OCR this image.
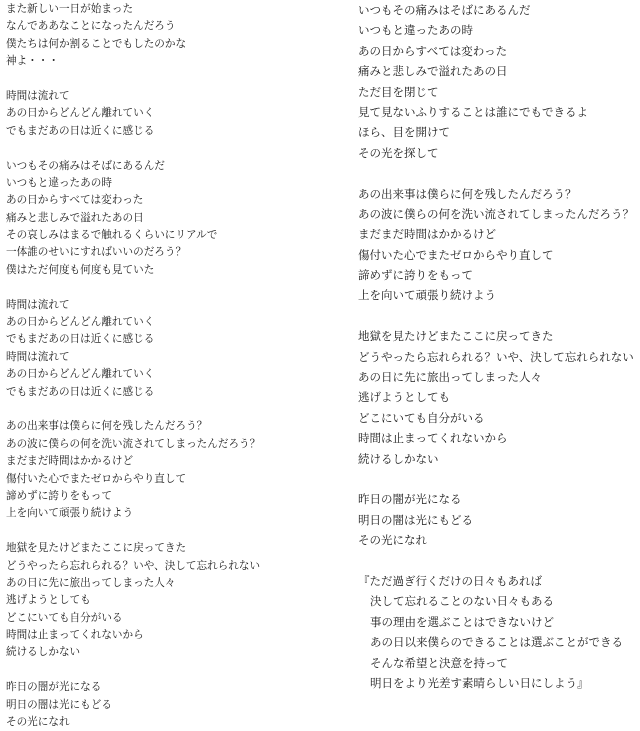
また新しい一日が始まった
なんでああなことになったんだろう
僕たちは何か割ることでもしたのかな
神よ・・・
時間は流れて
あの日からどんどん離れていく
でもまだあの日は近くに感じる
いつもその痛みはそばにあるんだ
いつもと違ったあの時
あの日からすべては変わった
痛みと悲しみで溢れたあの日
その哀しみはまるで触れるくらいにリアルで
一体誰のせいにすればいいのだろう？
僕はただ何度も何度も見ていた
時間は流れて
あの日からどんどん離れていく
でもまだあの日は近くに感じる
時間は流れて
あの日からどんどん離れていく
でもまだあの日は近くに感じる
あの出来事は僕らに何を残したんだろう？
あの波に僕らの何を洗い流されてしまったんだろう？
まだまだ時間はかかるけど
傷付いた心でまたゼロからやり直して
諦めずに誇りをもって
上を向いて頑張り続けよう
地獄を見たけどまたここに戻ってきた
どうやったら忘れられる？いや、決して忘れられない
あの日に先に旅出ってしまった人々
逃げようとしても
どこにいても自分がいる
時間は止まってくれないから
続けるしかない
昨日の闇が光になる
明日の闇は光にもどる
その光になれ
いつもその痛みはそばにあるんだ
いつもと違ったあの時
あの日からすべては変わった
痛みと悲しみで溢れたあの日
ただ目を閉じて
見て見ないふりすることは誰にでもできるよ
ほら、目を開けて
その光を探して
あの出来事は僕らに何を残したんだろう？
あの波に僕らの何を洗い流されてしまったんだろう？
まだまだ時間はかかるけど
傷付いた心でまたゼロからやり直して
諦めずに誇りをもって
上を向いて頑張り続けよう
地獄を見たけどまたここに戻ってきた
どうやったら忘れられる？いや、決して忘れられない
あの日に先に旅出ってしまった人々
逃げようとしても
どこにいても自分がいる
時間は止まってくれないから
続けるしかない
昨日の闇が光になる
明日の闇は光にもどる
その光になれ
『ただ過ぎ行くだけの日々もあれば
決して忘れることのない日々もある
事の理由を選ぶことはできないけど
あの日以来僕らのできることは選ぶことができる
そんな希望と決意を持って
明日をより光差す素晴らしい日にしよう』
